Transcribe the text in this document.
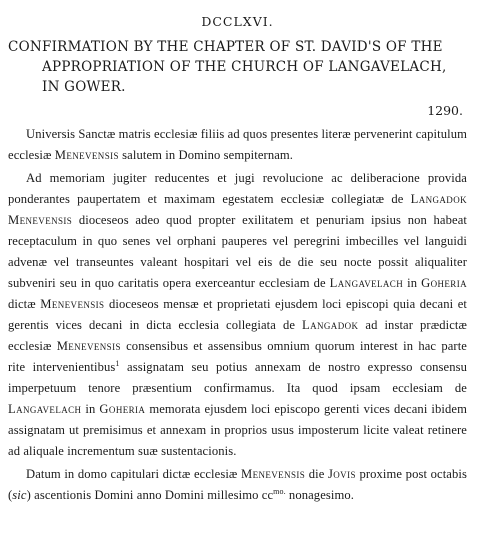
DCCLXVI.

CONFIRMATION BY THE CHAPTER OF ST. DAVID'S OF THE APPROPRIATION OF THE CHURCH OF LANGAVELACH, IN GOWER.

1290.

Universis Sanctæ matris ecclesiæ filiis ad quos presentes literæ pervenerint capitulum ecclesiæ Menevensis salutem in Domino sempiternam.

Ad memoriam jugiter reducentes et jugi revolucione ac deliberacione provida ponderantes paupertatem et maximam egestatem ecclesiæ collegiatæ de Langadok Menevensis dioceseos adeo quod propter exilitatem et penuriam ipsius non habeat receptaculum in quo senes vel orphani pauperes vel peregrini imbecilles vel languidi advenæ vel transeuntes valeant hospitari vel eis de die seu nocte possit aliqualiter subveniri seu in quo caritatis opera exerceantur ecclesiam de Langavelach in Goheria dictæ Menevensis dioceseos mensæ et proprietati ejusdem loci episcopi quia decani et gerentis vices decani in dicta ecclesia collegiata de Langadok ad instar prædictæ ecclesiæ Menevensis consensibus et assensibus omnium quorum interest in hac parte rite intervenientibus$^1$ assignatam seu potius annexam de nostro expresso consensu imperpetuum tenore præsentium confirmamus. Ita quod ipsam ecclesiam de Langavelach in Goheria memorata ejusdem loci episcopo gerenti vices decani ibidem assignatam ut premisimus et annexam in proprios usus imposterum licite valeat retinere ad aliquale incrementum suæ sustentacionis.

Datum in domo capitulari dictæ ecclesiæ Menevensis die Jovis proxime post octabis (sic) ascentionis Domini anno Domini millesimo $cc^{mo.}$ nonagesimo.
